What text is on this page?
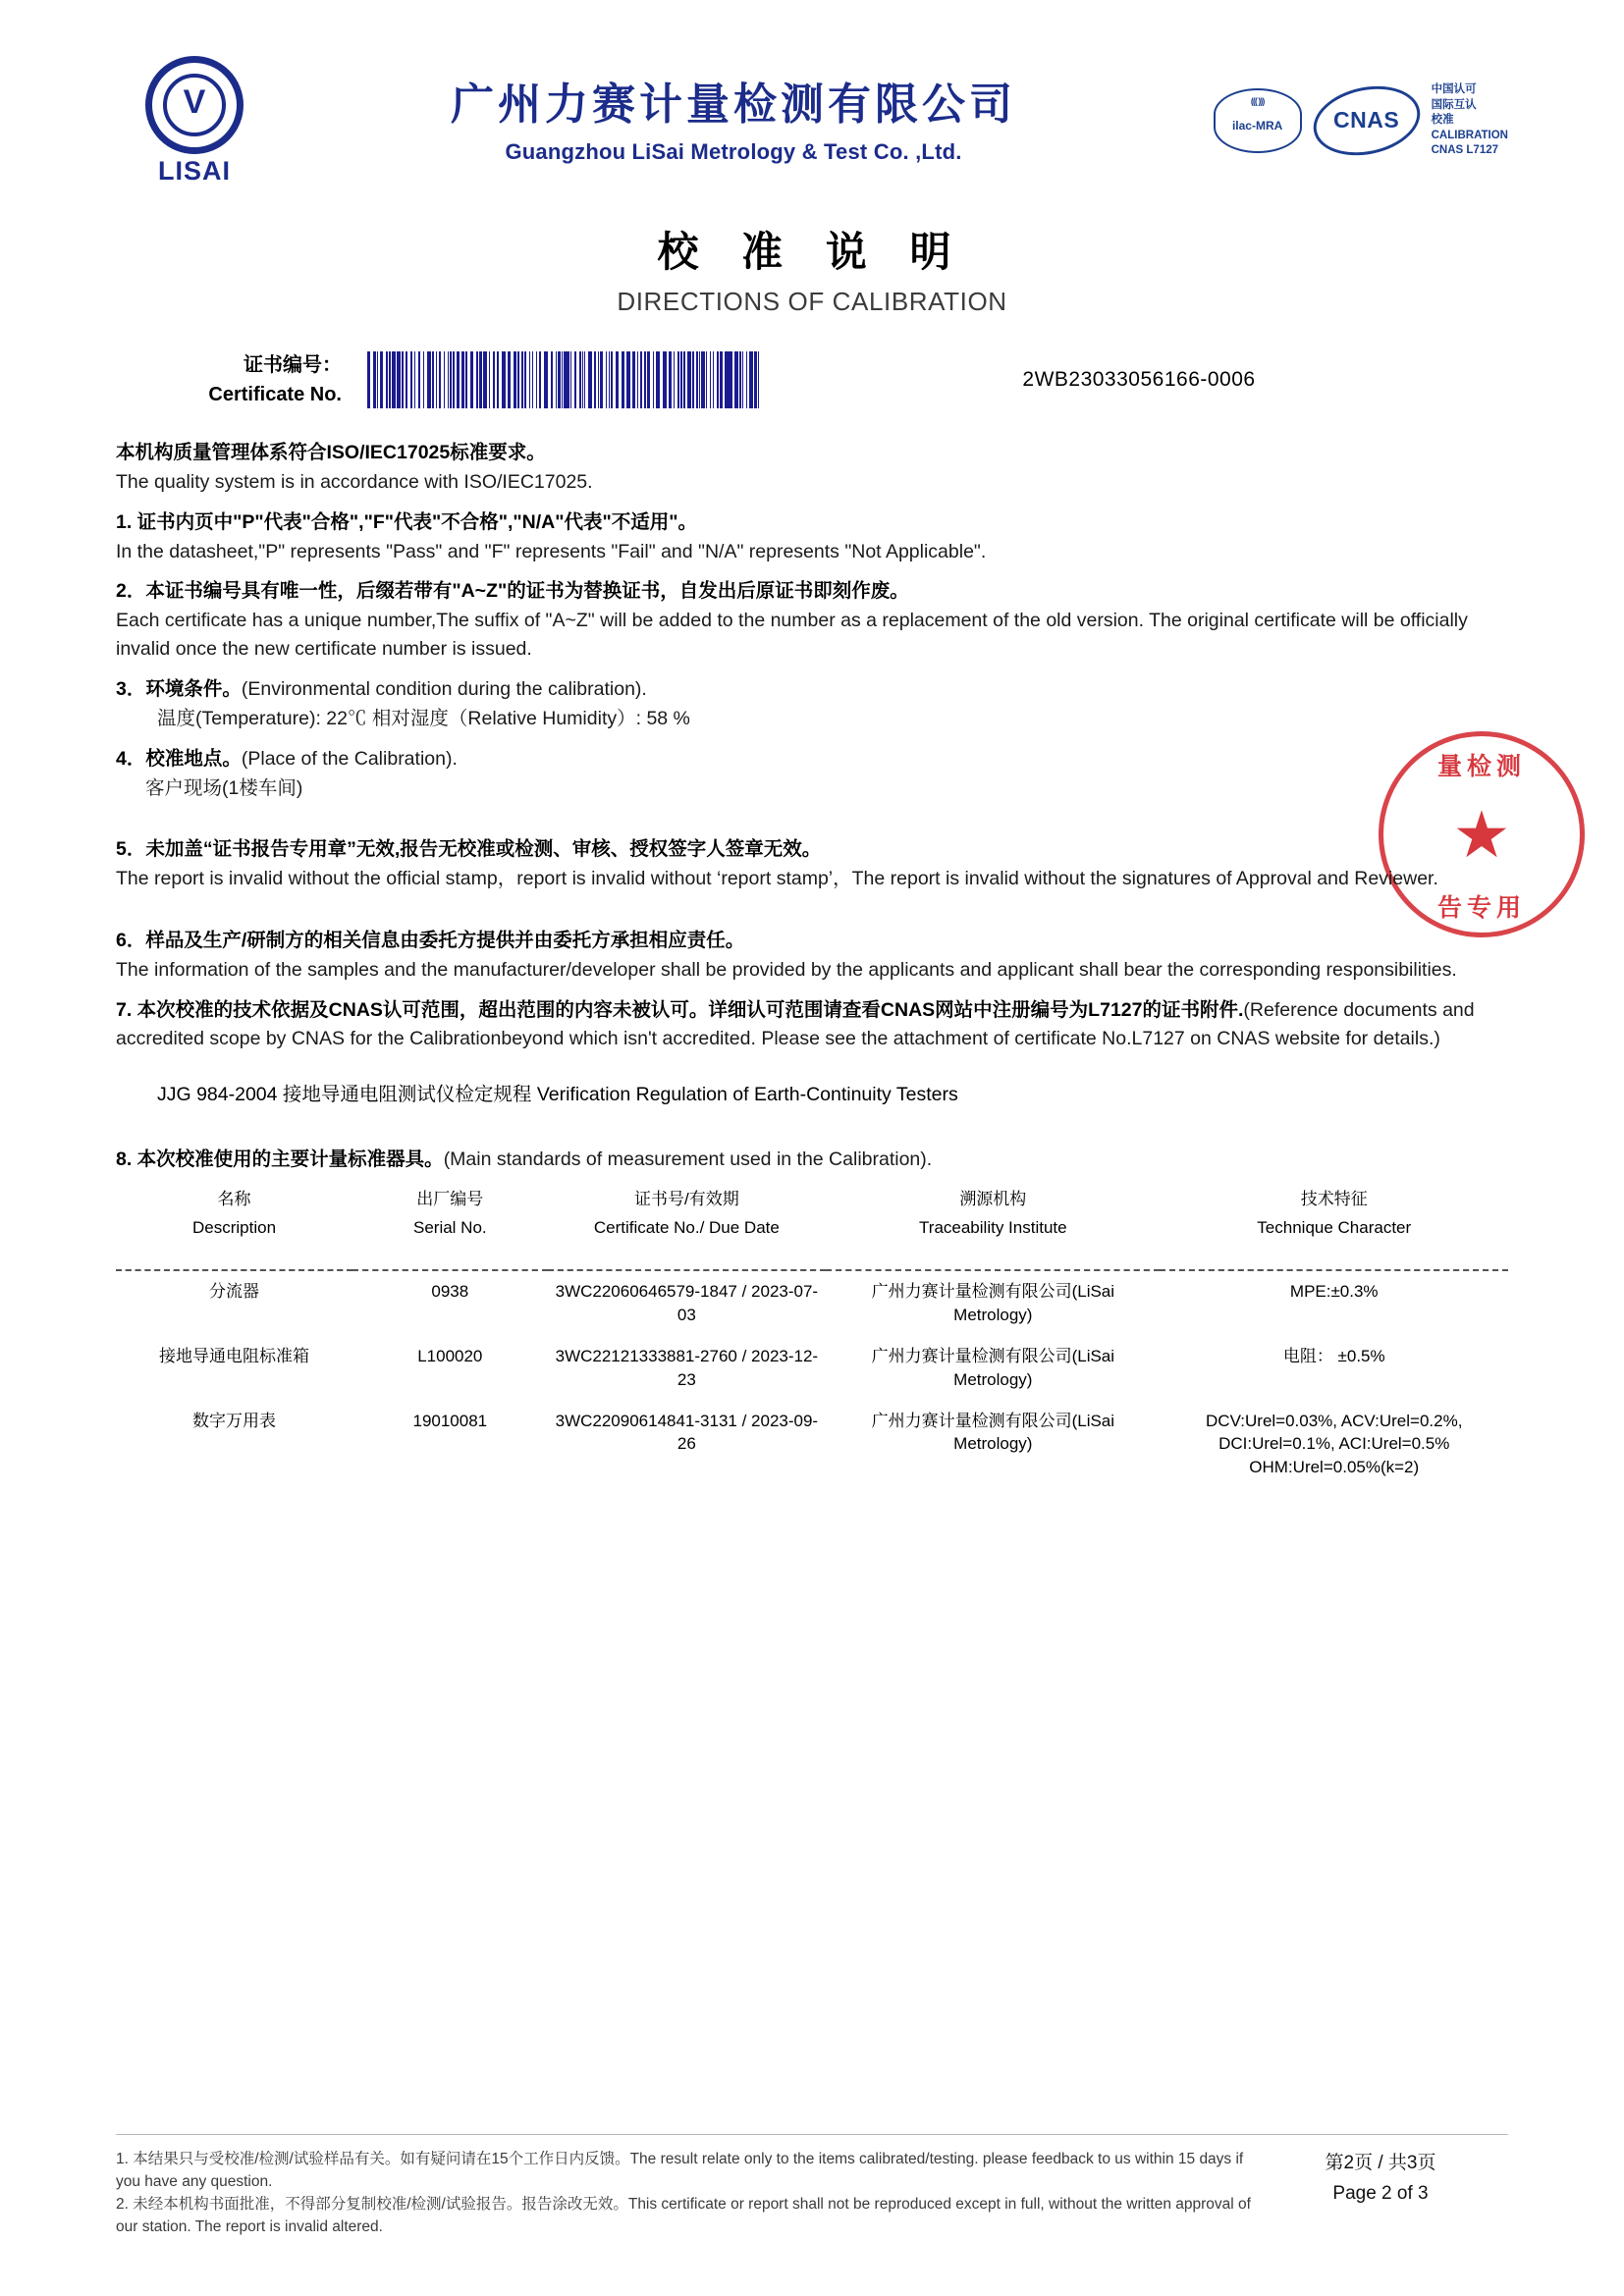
V
LISAI
广州力赛计量检测有限公司
Guangzhou LiSai Metrology & Test Co. ,Ltd.
((( )))
ilac-MRA CNAS
中国认可
国际互认
校准
CALIBRATION
CNAS L7127
校 准 说 明
DIRECTIONS OF CALIBRATION
证书编号：
Certificate No.
2WB23033056166-0006

本机构质量管理体系符合ISO/IEC17025标准要求。

The quality system is in accordance with ISO/IEC17025.

1. 证书内页中"P"代表"合格","F"代表"不合格","N/A"代表"不适用"。

In the datasheet,"P" represents "Pass" and "F" represents "Fail" and "N/A" represents "Not Applicable".

2．本证书编号具有唯一性，后缀若带有"A~Z"的证书为替换证书，自发出后原证书即刻作废。

Each certificate has a unique number,The suffix of "A~Z" will be added to the number as a replacement of the old version. The original certificate will be officially invalid once the new certificate number is issued.

3．环境条件。(Environmental condition during the calibration).

温度(Temperature): 22℃ 相对湿度（Relative Humidity）: 58 %

4．校准地点。(Place of the Calibration).

客户现场(1楼车间)

5．未加盖“证书报告专用章”无效,报告无校准或检测、审核、授权签字人签章无效。

The report is invalid without the official stamp，report is invalid without ‘report stamp’，The report is invalid without the signatures of Approval and Reviewer.

6．样品及生产/研制方的相关信息由委托方提供并由委托方承担相应责任。

The information of the samples and the manufacturer/developer shall be provided by the applicants and applicant shall bear the corresponding responsibilities.

7. 本次校准的技术依据及CNAS认可范围，超出范围的内容未被认可。详细认可范围请查看CNAS网站中注册编号为L7127的证书附件.(Reference documents and accredited scope by CNAS for the Calibrationbeyond which isn't accredited. Please see the attachment of certificate No.L7127 on CNAS website for details.)

JJG 984-2004 接地导通电阻测试仪检定规程 Verification Regulation of Earth-Continuity Testers

8. 本次校准使用的主要计量标准器具。(Main standards of measurement used in the Calibration).

名称	出厂编号	证书号/有效期	溯源机构	技术特征
Description	Serial No.	Certificate No./ Due Date	Traceability Institute	Technique Character

分流器	0938	3WC22060646579-1847 / 2023-07-03	广州力赛计量检测有限公司(LiSai Metrology)	MPE:±0.3%
接地导通电阻标准箱	L100020	3WC22121333881-2760 / 2023-12-23	广州力赛计量检测有限公司(LiSai Metrology)	电阻： ±0.5%
数字万用表	19010081	3WC22090614841-3131 / 2023-09-26	广州力赛计量检测有限公司(LiSai Metrology)	DCV:Urel=0.03%, ACV:Urel=0.2%, DCI:Urel=0.1%, ACI:Urel=0.5% OHM:Urel=0.05%(k=2)
量检测
★
告专用
1. 本结果只与受校准/检测/试验样品有关。如有疑问请在15个工作日内反馈。The result relate only to the items calibrated/testing. please feedback to us within 15 days if you have any question.
2. 未经本机构书面批准，不得部分复制校准/检测/试验报告。报告涂改无效。This certificate or report shall not be reproduced except in full, without the written approval of our station. The report is invalid altered.
第2页 / 共3页
Page 2 of 3
